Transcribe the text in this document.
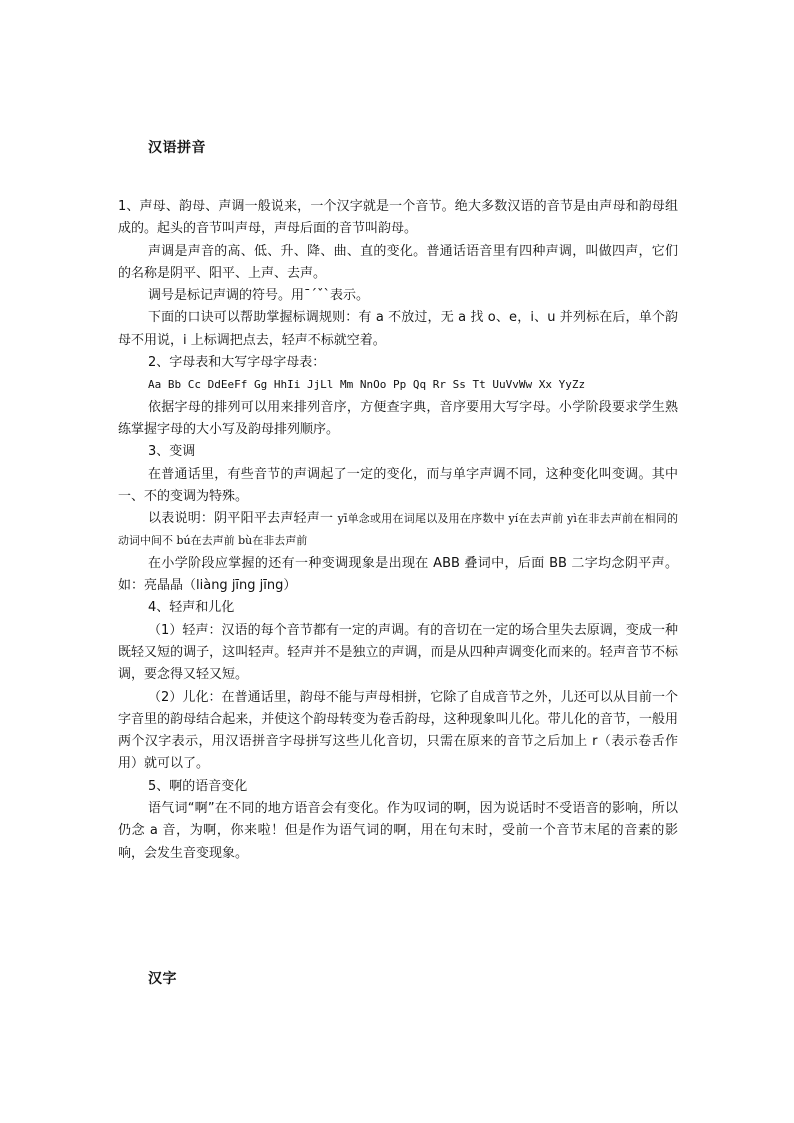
汉语拼音

1、声母、韵母、声调一般说来，一个汉字就是一个音节。绝大多数汉语的音节是由声母和韵母组成的。起头的音节叫声母，声母后面的音节叫韵母。

声调是声音的高、低、升、降、曲、直的变化。普通话语音里有四种声调，叫做四声，它们的名称是阴平、阳平、上声、去声。

调号是标记声调的符号。用ˉˊˇˋ表示。

下面的口诀可以帮助掌握标调规则：有 a 不放过，无 a 找 o、e，i、u 并列标在后，单个韵母不用说，i 上标调把点去，轻声不标就空着。

2、字母表和大写字母字母表：

Aa Bb Cc DdEeFf Gg HhIi JjLl Mm NnOo Pp Qq Rr Ss Tt UuVvWw Xx YyZz

依据字母的排列可以用来排列音序，方便查字典，音序要用大写字母。小学阶段要求学生熟练掌握字母的大小写及韵母排列顺序。

3、变调

在普通话里，有些音节的声调起了一定的变化，而与单字声调不同，这种变化叫变调。其中一、不的变调为特殊。

以表说明：阴平阳平去声轻声一 yī单念或用在词尾以及用在序数中 yí在去声前 yì在非去声前在相同的动词中间不 bú在去声前 bù在非去声前

在小学阶段应掌握的还有一种变调现象是出现在 ABB 叠词中，后面 BB 二字均念阴平声。如：亮晶晶（liàng jīng jīng）

4、轻声和儿化

（1）轻声：汉语的每个音节都有一定的声调。有的音切在一定的场合里失去原调，变成一种既轻又短的调子，这叫轻声。轻声并不是独立的声调，而是从四种声调变化而来的。轻声音节不标调，要念得又轻又短。

（2）儿化：在普通话里，韵母不能与声母相拼，它除了自成音节之外，儿还可以从目前一个字音里的韵母结合起来，并使这个韵母转变为卷舌韵母，这种现象叫儿化。带儿化的音节，一般用两个汉字表示，用汉语拼音字母拼写这些儿化音切，只需在原来的音节之后加上 r（表示卷舌作用）就可以了。

5、啊的语音变化

语气词“啊”在不同的地方语音会有变化。作为叹词的啊，因为说话时不受语音的影响，所以仍念 a 音，为啊，你来啦！但是作为语气词的啊，用在句末时，受前一个音节末尾的音素的影响，会发生音变现象。

汉字
